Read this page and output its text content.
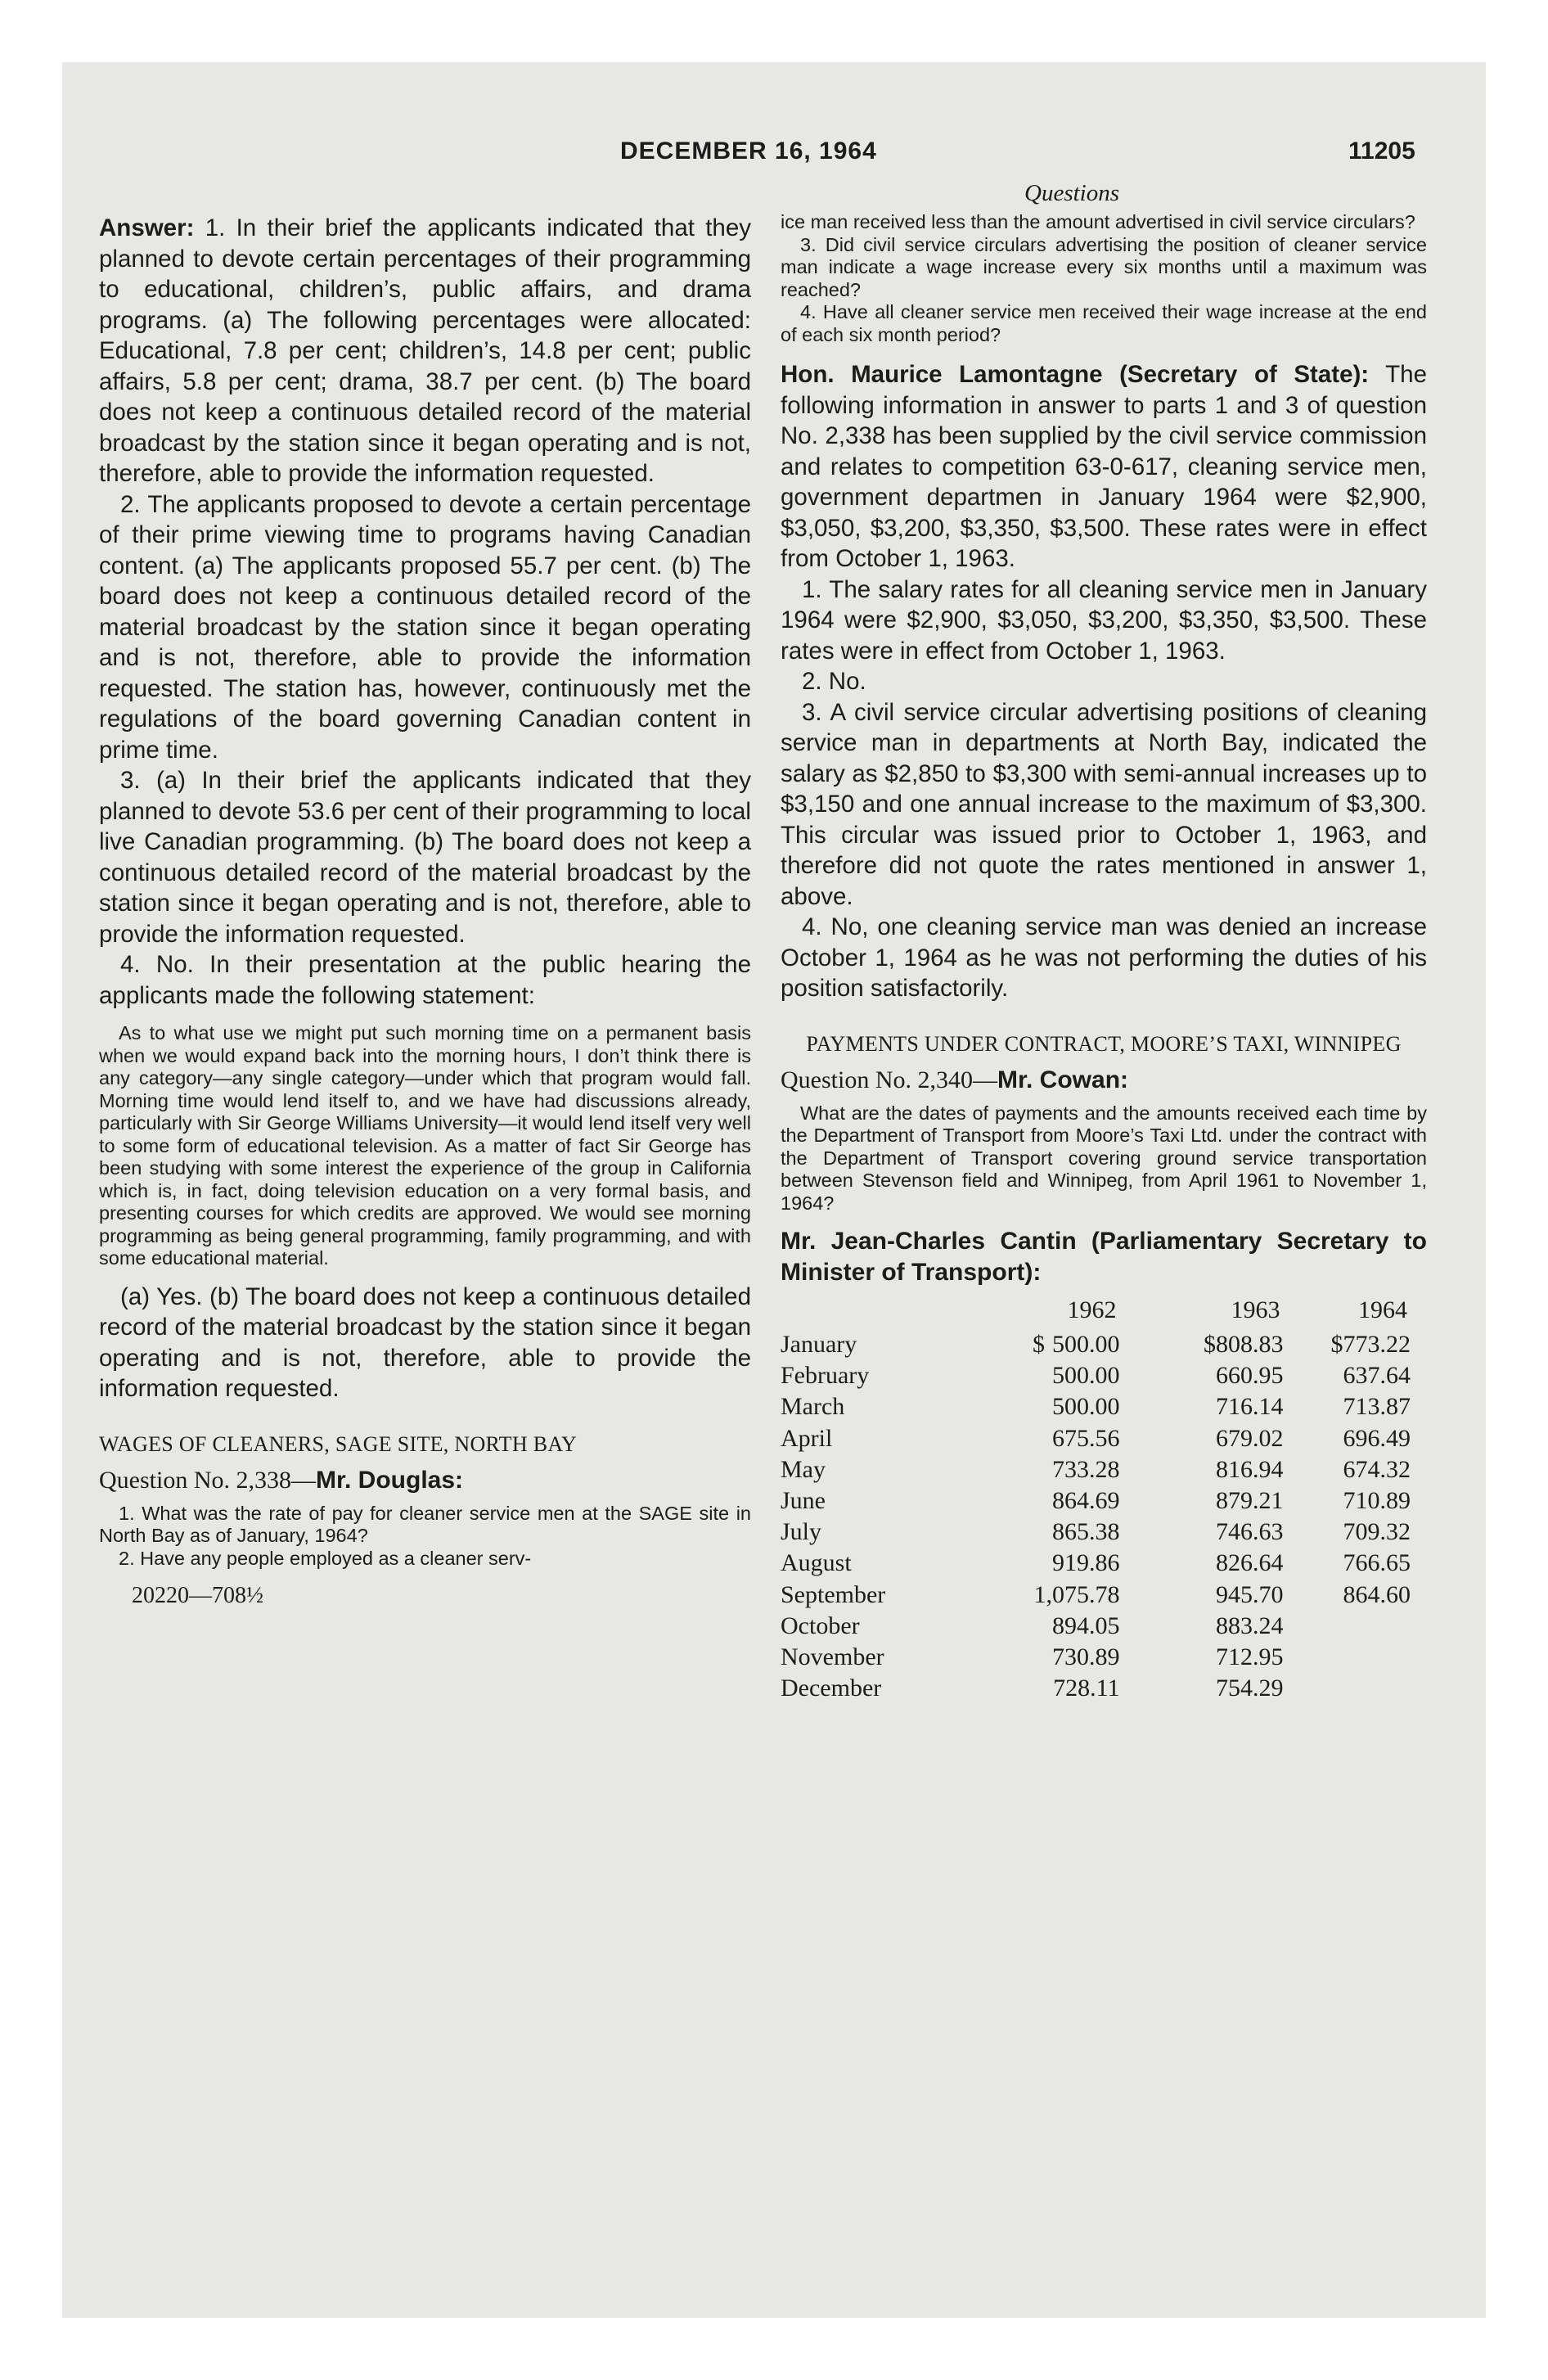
DECEMBER 16, 1964	11205
Questions

Answer: 1. In their brief the applicants indicated that they planned to devote certain percentages of their programming to educational, children’s, public affairs, and drama programs. (a) The following percentages were allocated: Educational, 7.8 per cent; children’s, 14.8 per cent; public affairs, 5.8 per cent; drama, 38.7 per cent. (b) The board does not keep a continuous detailed record of the material broadcast by the station since it began operating and is not, therefore, able to provide the information requested.

2. The applicants proposed to devote a certain percentage of their prime viewing time to programs having Canadian content. (a) The applicants proposed 55.7 per cent. (b) The board does not keep a continuous detailed record of the material broadcast by the station since it began operating and is not, therefore, able to provide the information requested. The station has, however, continuously met the regulations of the board governing Canadian content in prime time.

3. (a) In their brief the applicants indicated that they planned to devote 53.6 per cent of their programming to local live Canadian programming. (b) The board does not keep a continuous detailed record of the material broadcast by the station since it began operating and is not, therefore, able to provide the information requested.

4. No. In their presentation at the public hearing the applicants made the following statement:

As to what use we might put such morning time on a permanent basis when we would expand back into the morning hours, I don’t think there is any category—any single category—under which that program would fall. Morning time would lend itself to, and we have had discussions already, particularly with Sir George Williams University—it would lend itself very well to some form of educational television. As a matter of fact Sir George has been studying with some interest the experience of the group in California which is, in fact, doing television education on a very formal basis, and presenting courses for which credits are approved. We would see morning programming as being general programming, family programming, and with some educational material.

(a) Yes. (b) The board does not keep a continuous detailed record of the material broadcast by the station since it began operating and is not, therefore, able to provide the information requested.

WAGES OF CLEANERS, SAGE SITE, NORTH BAY
Question No. 2,338—Mr. Douglas:

1. What was the rate of pay for cleaner service men at the SAGE site in North Bay as of January, 1964?

2. Have any people employed as a cleaner serv-

20220—708½

ice man received less than the amount advertised in civil service circulars?

3. Did civil service circulars advertising the position of cleaner service man indicate a wage increase every six months until a maximum was reached?

4. Have all cleaner service men received their wage increase at the end of each six month period?

Hon. Maurice Lamontagne (Secretary of State): The following information in answer to parts 1 and 3 of question No. 2,338 has been supplied by the civil service commission and relates to competition 63-0-617, cleaning service men, government departmen in January 1964 were $2,900, $3,050, $3,200, $3,350, $3,500. These rates were in effect from October 1, 1963.

1. The salary rates for all cleaning service men in January 1964 were $2,900, $3,050, $3,200, $3,350, $3,500. These rates were in effect from October 1, 1963.

2. No.

3. A civil service circular advertising positions of cleaning service man in departments at North Bay, indicated the salary as $2,850 to $3,300 with semi-annual increases up to $3,150 and one annual increase to the maximum of $3,300. This circular was issued prior to October 1, 1963, and therefore did not quote the rates mentioned in answer 1, above.

4. No, one cleaning service man was denied an increase October 1, 1964 as he was not performing the duties of his position satisfactorily.

PAYMENTS UNDER CONTRACT, MOORE’S TAXI, WINNIPEG
Question No. 2,340—Mr. Cowan:

What are the dates of payments and the amounts received each time by the Department of Transport from Moore’s Taxi Ltd. under the contract with the Department of Transport covering ground service transportation between Stevenson field and Winnipeg, from April 1961 to November 1, 1964?

Mr. Jean-Charles Cantin (Parliamentary Secretary to Minister of Transport):

	1962	1963	1964
January	$ 500.00	$808.83	$773.22
February	500.00	660.95	637.64
March	500.00	716.14	713.87
April	675.56	679.02	696.49
May	733.28	816.94	674.32
June	864.69	879.21	710.89
July	865.38	746.63	709.32
August	919.86	826.64	766.65
September	1,075.78	945.70	864.60
October	894.05	883.24	
November	730.89	712.95	
December	728.11	754.29	
